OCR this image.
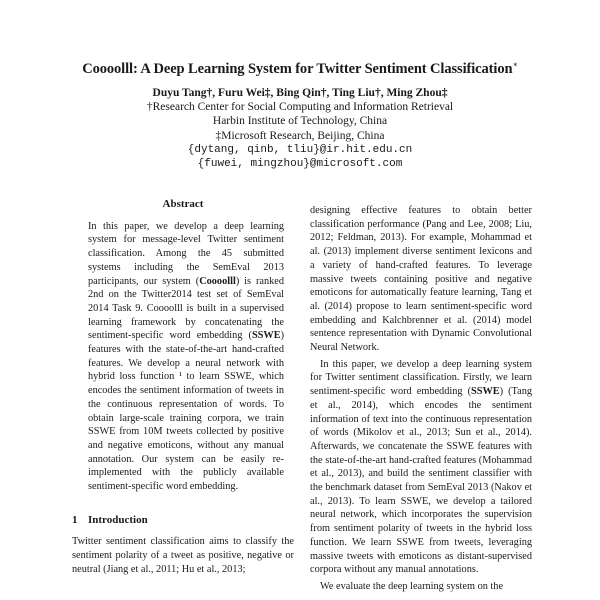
Coooolll: A Deep Learning System for Twitter Sentiment Classification∗
Duyu Tang†, Furu Wei‡, Bing Qin†, Ting Liu†, Ming Zhou‡
†Research Center for Social Computing and Information Retrieval
Harbin Institute of Technology, China
‡Microsoft Research, Beijing, China
{dytang, qinb, tliu}@ir.hit.edu.cn
{fuwei, mingzhou}@microsoft.com
Abstract

In this paper, we develop a deep learning system for message-level Twitter sentiment classification. Among the 45 submitted systems including the SemEval 2013 participants, our system (Coooolll) is ranked 2nd on the Twitter2014 test set of SemEval 2014 Task 9. Coooolll is built in a supervised learning framework by concatenating the sentiment-specific word embedding (SSWE) features with the state-of-the-art hand-crafted features. We develop a neural network with hybrid loss function ¹ to learn SSWE, which encodes the sentiment information of tweets in the continuous representation of words. To obtain large-scale training corpora, we train SSWE from 10M tweets collected by positive and negative emoticons, without any manual annotation. Our system can be easily re-implemented with the publicly available sentiment-specific word embedding.

1 Introduction

Twitter sentiment classification aims to classify the sentiment polarity of a tweet as positive, negative or neutral (Jiang et al., 2011; Hu et al., 2013;

designing effective features to obtain better classification performance (Pang and Lee, 2008; Liu, 2012; Feldman, 2013). For example, Mohammad et al. (2013) implement diverse sentiment lexicons and a variety of hand-crafted features. To leverage massive tweets containing positive and negative emoticons for automatically feature learning, Tang et al. (2014) propose to learn sentiment-specific word embedding and Kalchbrenner et al. (2014) model sentence representation with Dynamic Convolutional Neural Network.

In this paper, we develop a deep learning system for Twitter sentiment classification. Firstly, we learn sentiment-specific word embedding (SSWE) (Tang et al., 2014), which encodes the sentiment information of text into the continuous representation of words (Mikolov et al., 2013; Sun et al., 2014). Afterwards, we concatenate the SSWE features with the state-of-the-art hand-crafted features (Mohammad et al., 2013), and build the sentiment classifier with the benchmark dataset from SemEval 2013 (Nakov et al., 2013). To learn SSWE, we develop a tailored neural network, which incorporates the supervision from sentiment polarity of tweets in the hybrid loss function. We learn SSWE from tweets, leveraging massive tweets with emoticons as distant-supervised corpora without any manual annotations.

We evaluate the deep learning system on the
